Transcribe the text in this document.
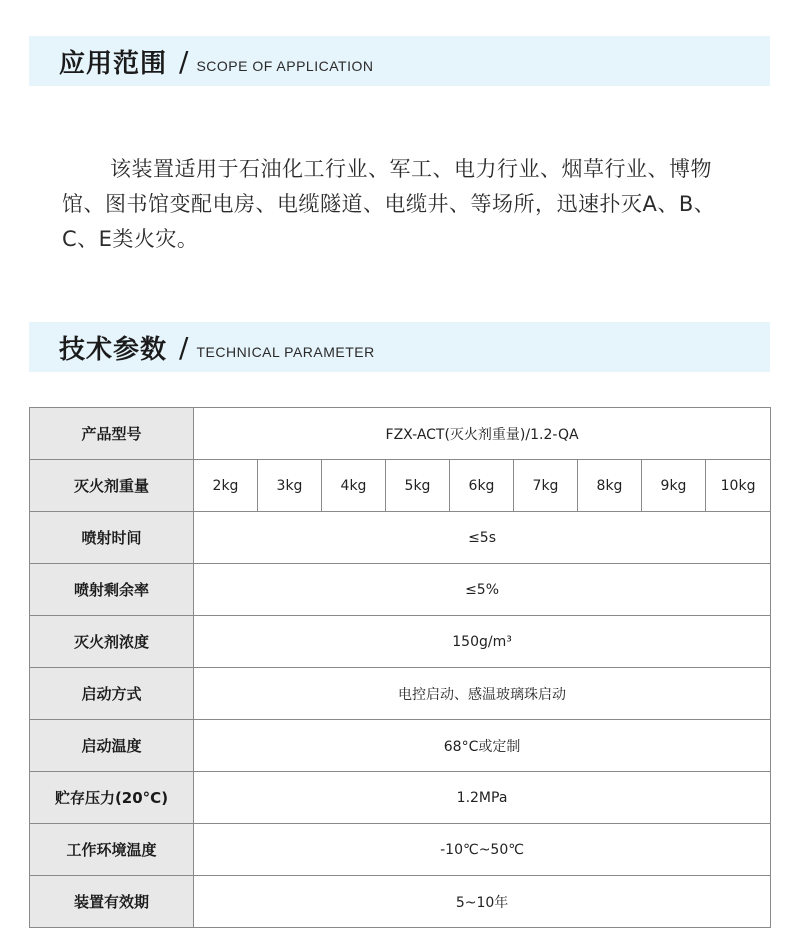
应用范围 / SCOPE OF APPLICATION

该装置适用于石油化工行业、军工、电力行业、烟草行业、博物馆、图书馆变配电房、电缆隧道、电缆井、等场所，迅速扑灭A、B、C、E类火灾。

技术参数 / TECHNICAL PARAMETER
产品型号	FZX-ACT(灭火剂重量)/1.2-QA								
灭火剂重量	2kg	3kg	4kg	5kg	6kg	7kg	8kg	9kg	10kg
喷射时间	≤5s								
喷射剩余率	≤5%								
灭火剂浓度	150g/m³								
启动方式	电控启动、感温玻璃珠启动								
启动温度	68°C或定制								
贮存压力(20°C)	1.2MPa								
工作环境温度	-10℃~50℃								
装置有效期	5~10年								
